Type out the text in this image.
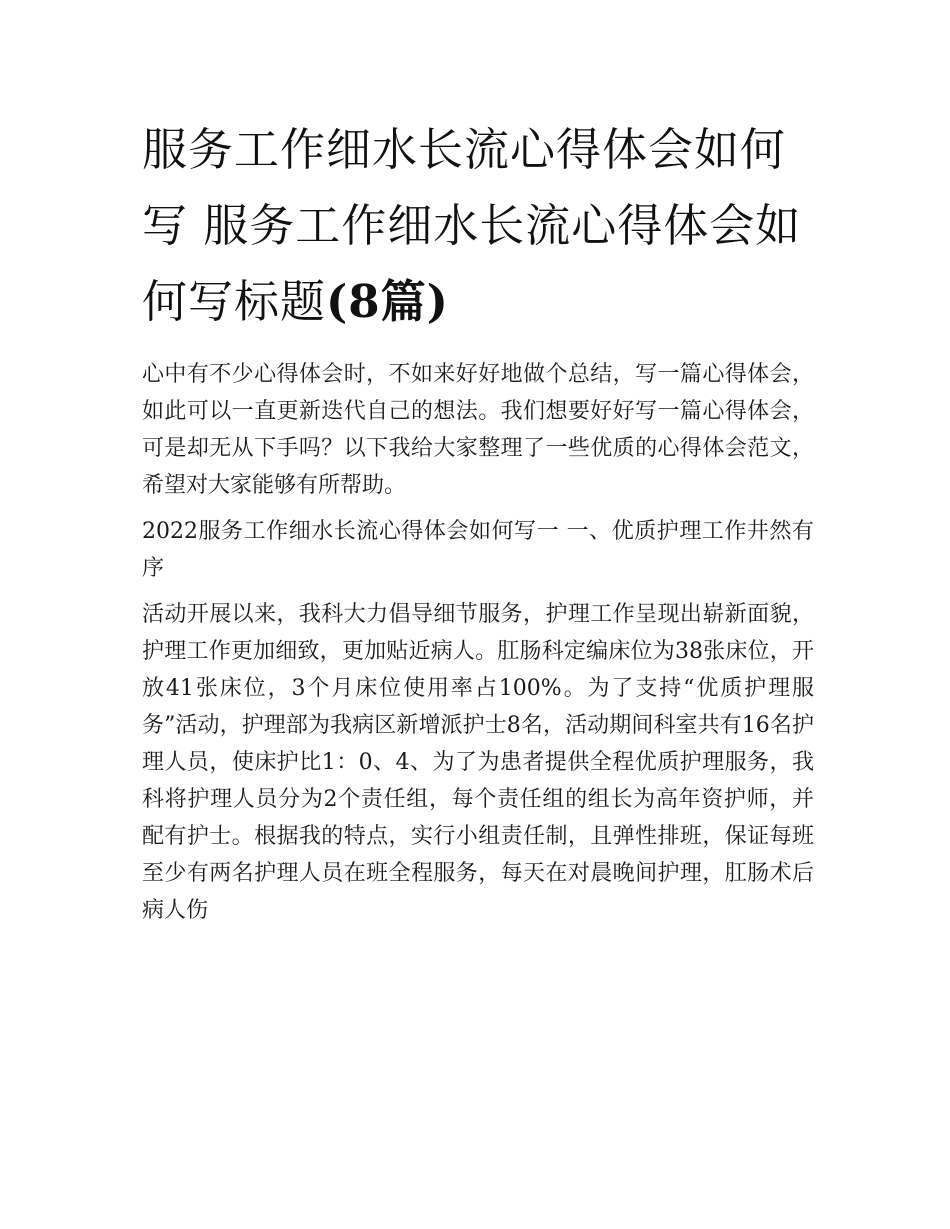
服务工作细水长流心得体会如何写 服务工作细水长流心得体会如何写标题(8篇)

心中有不少心得体会时，不如来好好地做个总结，写一篇心得体会，如此可以一直更新迭代自己的想法。我们想要好好写一篇心得体会，可是却无从下手吗？以下我给大家整理了一些优质的心得体会范文，希望对大家能够有所帮助。

2022服务工作细水长流心得体会如何写一 一、优质护理工作井然有序

活动开展以来，我科大力倡导细节服务，护理工作呈现出崭新面貌，护理工作更加细致，更加贴近病人。肛肠科定编床位为38张床位，开放41张床位，3个月床位使用率占100%。为了支持“优质护理服务”活动，护理部为我病区新增派护士8名，活动期间科室共有16名护理人员，使床护比1：0、4、为了为患者提供全程优质护理服务，我科将护理人员分为2个责任组，每个责任组的组长为高年资护师，并配有护士。根据我的特点，实行小组责任制，且弹性排班，保证每班至少有两名护理人员在班全程服务，每天在对晨晚间护理，肛肠术后病人伤
